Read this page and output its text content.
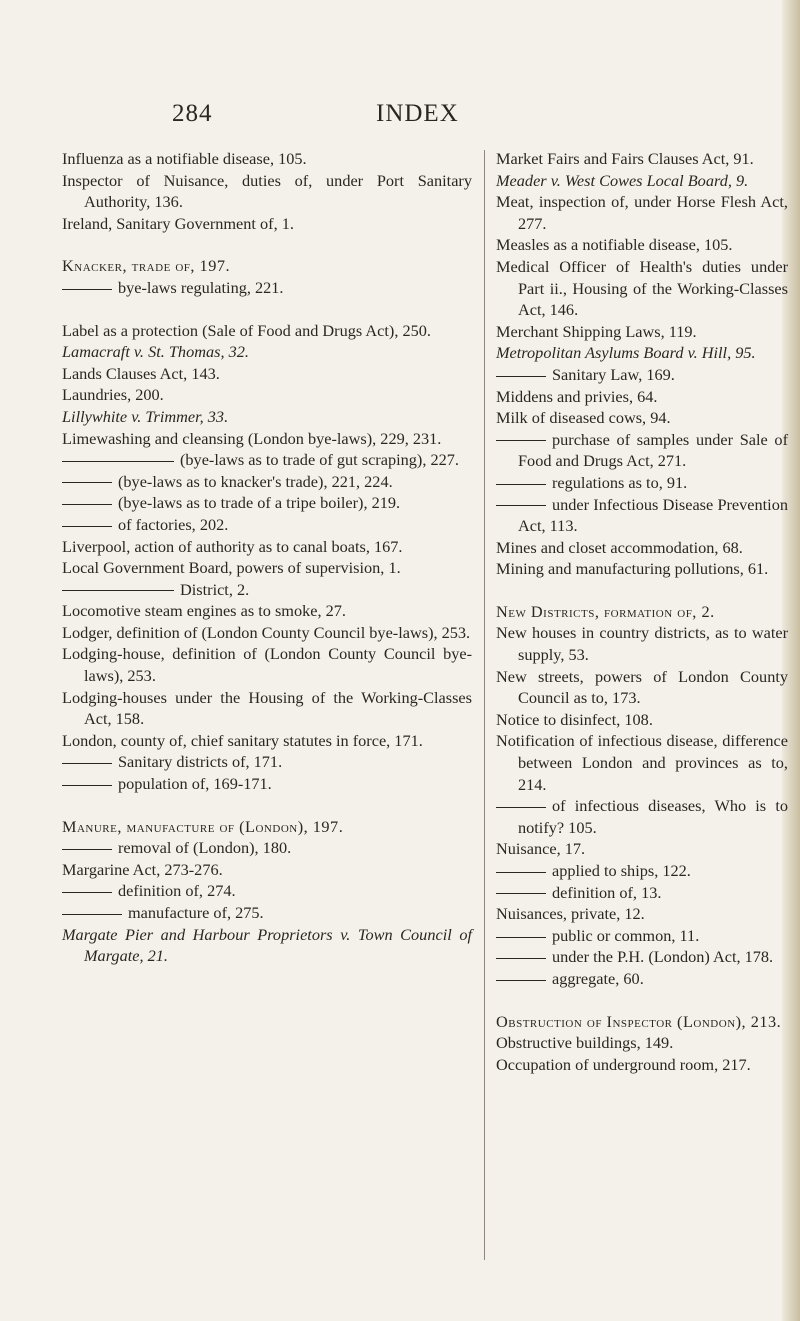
284	INDEX
Influenza as a notifiable disease, 105.
Inspector of Nuisance, duties of, under Port Sanitary Authority, 136.
Ireland, Sanitary Government of, 1.
Knacker, trade of, 197.
bye-laws regulating, 221.
Label as a protection (Sale of Food and Drugs Act), 250.
Lamacraft v. St. Thomas, 32.
Lands Clauses Act, 143.
Laundries, 200.
Lillywhite v. Trimmer, 33.
Limewashing and cleansing (London bye-laws), 229, 231.
(bye-laws as to trade of gut scraping), 227.
(bye-laws as to knacker's trade), 221, 224.
(bye-laws as to trade of a tripe boiler), 219.
of factories, 202.
Liverpool, action of authority as to canal boats, 167.
Local Government Board, powers of supervision, 1.
District, 2.
Locomotive steam engines as to smoke, 27.
Lodger, definition of (London County Council bye-laws), 253.
Lodging-house, definition of (London County Council bye-laws), 253.
Lodging-houses under the Housing of the Working-Classes Act, 158.
London, county of, chief sanitary statutes in force, 171.
Sanitary districts of, 171.
population of, 169-171.
Manure, manufacture of (London), 197.
removal of (London), 180.
Margarine Act, 273-276.
definition of, 274.
manufacture of, 275.
Margate Pier and Harbour Proprietors v. Town Council of Margate, 21.
Market Fairs and Fairs Clauses Act, 91.
Meader v. West Cowes Local Board, 9.
Meat, inspection of, under Horse Flesh Act, 277.
Measles as a notifiable disease, 105.
Medical Officer of Health's duties under Part ii., Housing of the Working-Classes Act, 146.
Merchant Shipping Laws, 119.
Metropolitan Asylums Board v. Hill, 95.
Sanitary Law, 169.
Middens and privies, 64.
Milk of diseased cows, 94.
purchase of samples under Sale of Food and Drugs Act, 271.
regulations as to, 91.
under Infectious Disease Prevention Act, 113.
Mines and closet accommodation, 68.
Mining and manufacturing pollutions, 61.
New Districts, formation of, 2.
New houses in country districts, as to water supply, 53.
New streets, powers of London County Council as to, 173.
Notice to disinfect, 108.
Notification of infectious disease, difference between London and provinces as to, 214.
of infectious diseases, Who is to notify? 105.
Nuisance, 17.
applied to ships, 122.
definition of, 13.
Nuisances, private, 12.
public or common, 11.
under the P.H. (London) Act, 178.
aggregate, 60.
Obstruction of Inspector (London), 213.
Obstructive buildings, 149.
Occupation of underground room, 217.
